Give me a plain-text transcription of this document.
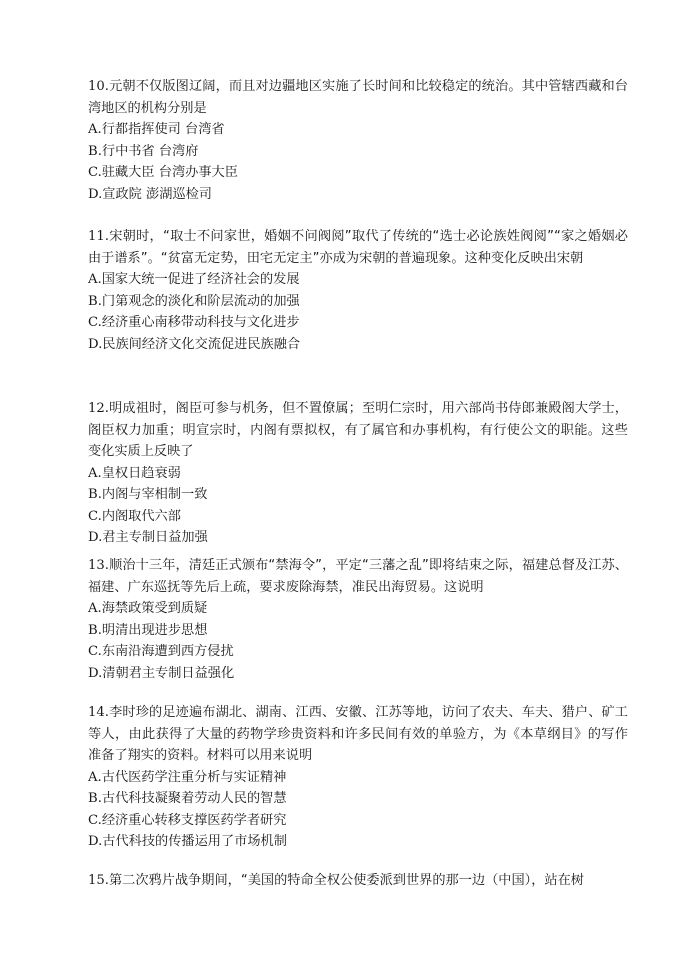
10.元朝不仅版图辽阔，而且对边疆地区实施了长时间和比较稳定的统治。其中管辖西藏和台湾地区的机构分别是

A.行都指挥使司 台湾省
B.行中书省 台湾府
C.驻藏大臣 台湾办事大臣
D.宣政院 澎湖巡检司

11.宋朝时，“取士不问家世，婚姻不问阀阅”取代了传统的“选士必论族姓阀阅”“家之婚姻必由于谱系”。“贫富无定势，田宅无定主”亦成为宋朝的普遍现象。这种变化反映出宋朝

A.国家大统一促进了经济社会的发展
B.门第观念的淡化和阶层流动的加强
C.经济重心南移带动科技与文化进步
D.民族间经济文化交流促进民族融合

12.明成祖时，阁臣可参与机务，但不置僚属；至明仁宗时，用六部尚书侍郎兼殿阁大学士，阁臣权力加重；明宣宗时，内阁有票拟权，有了属官和办事机构，有行使公文的职能。这些变化实质上反映了

A.皇权日趋衰弱
B.内阁与宰相制一致
C.内阁取代六部
D.君主专制日益加强

13.顺治十三年，清廷正式颁布“禁海令”，平定“三藩之乱”即将结束之际，福建总督及江苏、福建、广东巡抚等先后上疏，要求废除海禁，准民出海贸易。这说明

A.海禁政策受到质疑
B.明清出现进步思想
C.东南沿海遭到西方侵扰
D.清朝君主专制日益强化

14.李时珍的足迹遍布湖北、湖南、江西、安徽、江苏等地，访问了农夫、车夫、猎户、矿工等人，由此获得了大量的药物学珍贵资料和许多民间有效的单验方，为《本草纲目》的写作准备了翔实的资料。材料可以用来说明

A.古代医药学注重分析与实证精神
B.古代科技凝聚着劳动人民的智慧
C.经济重心转移支撑医药学者研究
D.古代科技的传播运用了市场机制

15.第二次鸦片战争期间，“美国的特命全权公使委派到世界的那一边（中国），站在树
